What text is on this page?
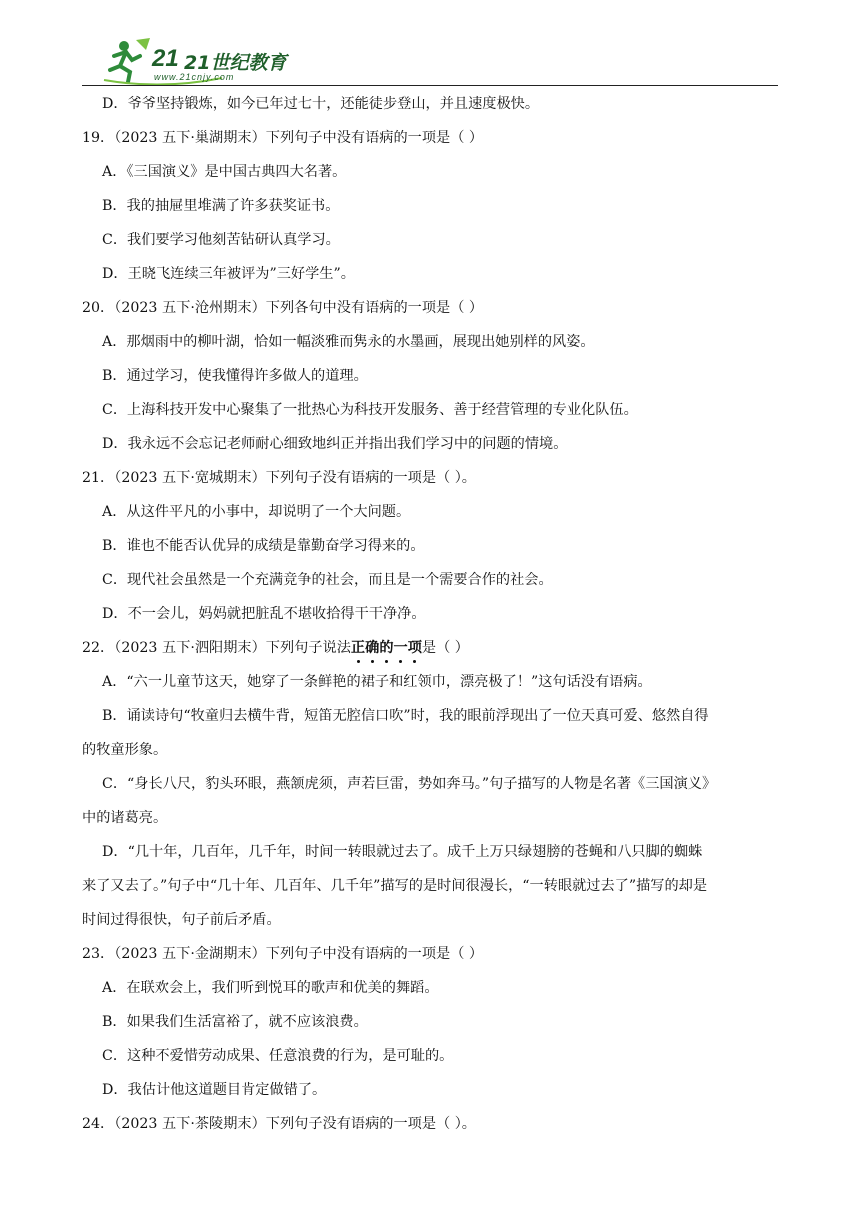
21
www.21cnjy.com
21世纪教育
D．爷爷坚持锻炼，如今已年过七十，还能徒步登山，并且速度极快。
19．（2023 五下·巢湖期末）下列句子中没有语病的一项是（ ）
A．《三国演义》是中国古典四大名著。
B．我的抽屉里堆满了许多获奖证书。
C．我们要学习他刻苦钻研认真学习。
D．王晓飞连续三年被评为”三好学生”。
20．（2023 五下·沧州期末）下列各句中没有语病的一项是（ ）
A．那烟雨中的柳叶湖，恰如一幅淡雅而隽永的水墨画，展现出她别样的风姿。
B．通过学习，使我懂得许多做人的道理。
C．上海科技开发中心聚集了一批热心为科技开发服务、善于经营管理的专业化队伍。
D．我永远不会忘记老师耐心细致地纠正并指出我们学习中的问题的情境。
21．（2023 五下·宽城期末）下列句子没有语病的一项是（ ）。
A．从这件平凡的小事中，却说明了一个大问题。
B．谁也不能否认优异的成绩是靠勤奋学习得来的。
C．现代社会虽然是一个充满竞争的社会，而且是一个需要合作的社会。
D．不一会儿，妈妈就把脏乱不堪收拾得干干净净。
22．（2023 五下·泗阳期末）下列句子说法正确的一项是（ ）
A．“六一儿童节这天，她穿了一条鲜艳的裙子和红领巾，漂亮极了！”这句话没有语病。
B．诵读诗句“牧童归去横牛背，短笛无腔信口吹”时，我的眼前浮现出了一位天真可爱、悠然自得
的牧童形象。
C．“身长八尺，豹头环眼，燕颔虎须，声若巨雷，势如奔马。”句子描写的人物是名著《三国演义》
中的诸葛亮。
D．“几十年，几百年，几千年，时间一转眼就过去了。成千上万只绿翅膀的苍蝇和八只脚的蜘蛛
来了又去了。”句子中“几十年、几百年、几千年”描写的是时间很漫长，“一转眼就过去了”描写的却是
时间过得很快，句子前后矛盾。
23．（2023 五下·金湖期末）下列句子中没有语病的一项是（ ）
A．在联欢会上，我们听到悦耳的歌声和优美的舞蹈。
B．如果我们生活富裕了，就不应该浪费。
C．这种不爱惜劳动成果、任意浪费的行为，是可耻的。
D．我估计他这道题目肯定做错了。
24．（2023 五下·茶陵期末）下列句子没有语病的一项是（ ）。
